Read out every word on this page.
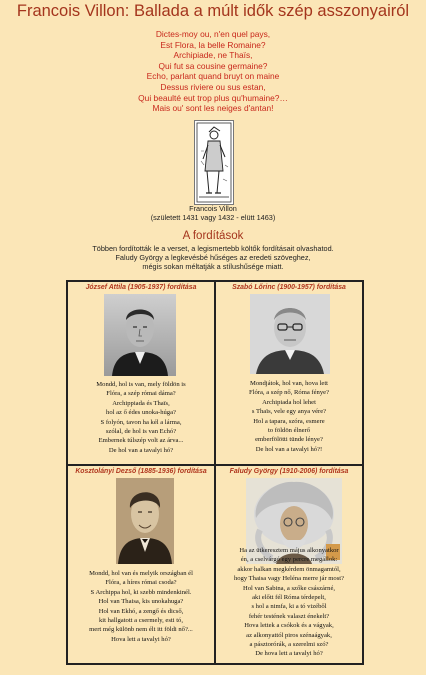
Francois Villon: Ballada a múlt idők szép asszonyairól
Dictes-moy ou, n'en quel pays,
Est Flora, la belle Romaine?
Archipiade, ne Thaïs,
Qui fut sa cousine germaine?
Echo, parlant quand bruyt on maine
Dessus riviere ou sus estan,
Qui beaulté eut trop plus qu'humaine?…
Mais ou' sont les neiges d'antan!
Francois Villon
(született 1431 vagy 1432 - elütt 1463)
A fordítások
Többen fordították le a verset, a legismertebb költők fordításait olvashatod.
Faludy György a legkevésbé hűséges az eredeti szöveghez,
mégis sokan méltatják a stílushűsége miatt.
József Attila (1905-1937) fordítása
Mondd, hol is van, mely földön is
Flóra, a szép római dáma?
Archippiada és Thaïs,
hol az ő édes unoka-húga?
S folyón, tavon ha kél a lárma,
szólal, de hol is van Echó?
Embernek túlszép volt az árva...
De hol van a tavalyi hó?
Szabó Lőrinc (1900-1957) fordítása
Mondjátok, hol van, hova lett
Flóra, a szép nő, Róma fénye?
Archipiada hol lehet
s Thaïs, vele egy anya vére?
Hol a tapara, szóra, esmere
to földön élnerő
emberfölötti tünde lénye?
De hol van a tavalyi hó?!
Kosztolányi Dezső (1885-1936) fordítása
Mondd, hol van és melyik országban él
Flóra, a híres római csoda?
S Archippa hol, ki szebb mindenkinél.
Hol van Thaisa, kis unokahuga?
Hol van Ekhó, a zengő és dicső,
kit hallgatott a csermely, esti tó,
mert még különb nem élt itt földi nő?...
Hova lett a tavalyi hó?
Faludy György (1910-2006) fordítása
Ha az ütkeresztem május alkonyatkor
én, a cselvárgó egy percre megállok:
akkor halkan megkérdem önmagamtól,
hogy Thaisa vagy Heléna merre jár most?
Hol van Sabina, a szőke császárné,
aki előtt fél Róma térdepelt,
s hol a nimfa, ki a tó vizéből
fehér testének valaszt énekelt?
Hova lettek a csókok és a vágyak,
az alkonyattól piros szénaágyak,
a pásztorórák, a szerelmi szó?
De hova lett a tavalyi hó?
